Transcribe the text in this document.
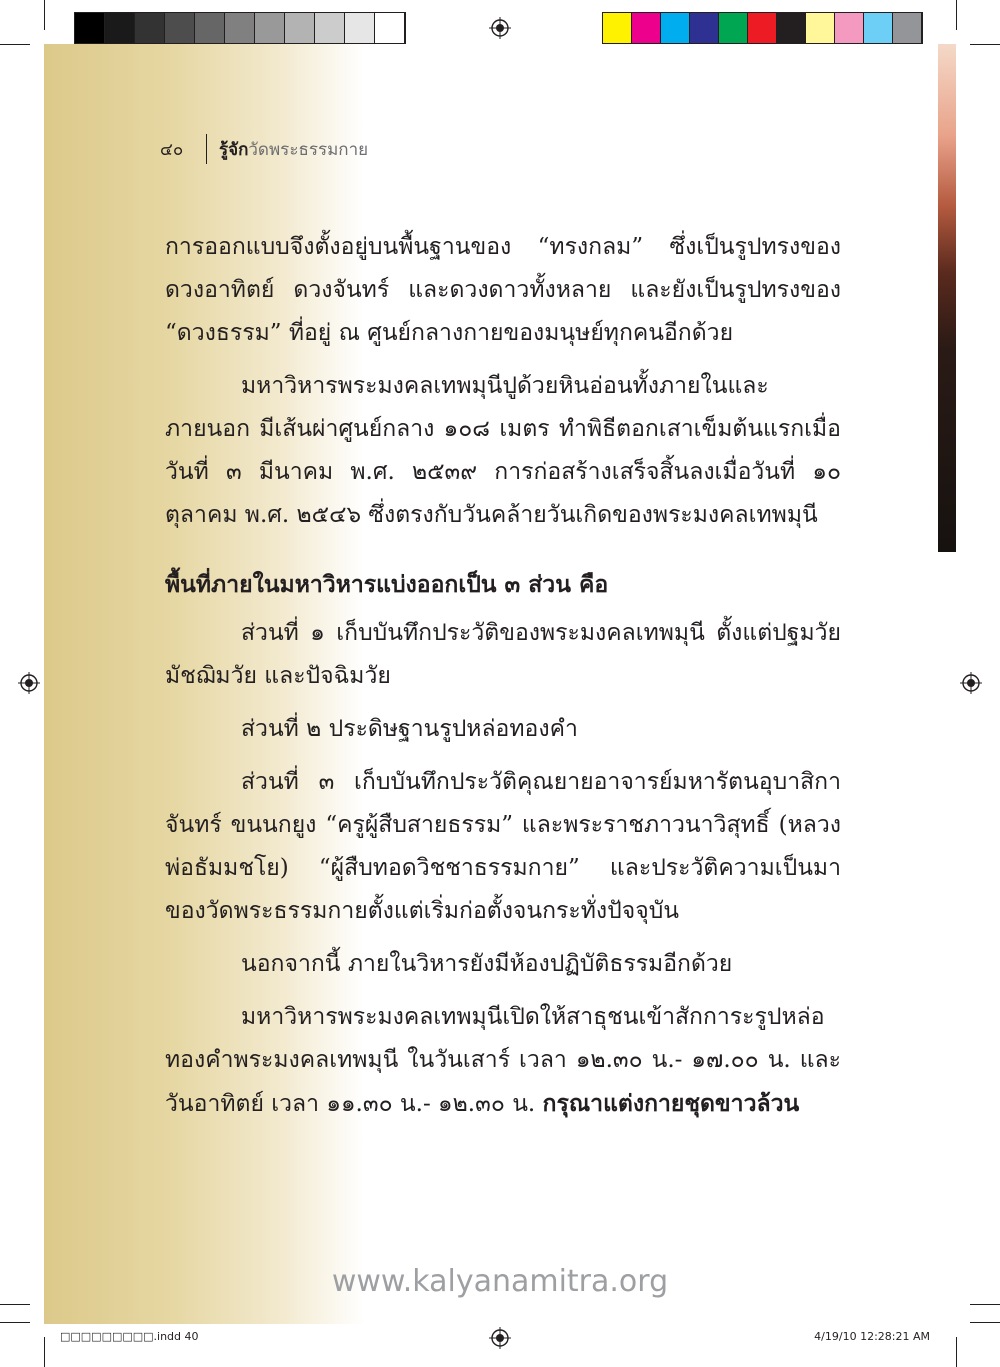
๔๐	รู้จัก วัดพระธรรมกาย

การออกแบบจึงตั้งอยู่บนพื้นฐานของ “ทรงกลม” ซึ่งเป็นรูปทรงของดวงอาทิตย์ ดวงจันทร์ และดวงดาวทั้งหลาย และยังเป็นรูปทรงของ “ดวงธรรม” ที่อยู่ ณ ศูนย์กลางกายของมนุษย์ทุกคนอีกด้วย

มหาวิหารพระมงคลเทพมุนีปูด้วยหินอ่อนทั้งภายในและภายนอก มีเส้นผ่าศูนย์กลาง ๑๐๘ เมตร ทำพิธีตอกเสาเข็มต้นแรกเมื่อวันที่ ๓ มีนาคม พ.ศ. ๒๕๓๙ การก่อสร้างเสร็จสิ้นลงเมื่อวันที่ ๑๐ ตุลาคม พ.ศ. ๒๕๔๖ ซึ่งตรงกับวันคล้ายวันเกิดของพระมงคลเทพมุนี

พื้นที่ภายในมหาวิหารแบ่งออกเป็น ๓ ส่วน คือ

ส่วนที่ ๑ เก็บบันทึกประวัติของพระมงคลเทพมุนี ตั้งแต่ปฐมวัย มัชฌิมวัย และปัจฉิมวัย

ส่วนที่ ๒ ประดิษฐานรูปหล่อทองคำ

ส่วนที่ ๓ เก็บบันทึกประวัติคุณยายอาจารย์มหารัตนอุบาสิกาจันทร์ ขนนกยูง “ครูผู้สืบสายธรรม” และพระราชภาวนาวิสุทธิ์ (หลวงพ่อธัมมชโย) “ผู้สืบทอดวิชชาธรรมกาย” และประวัติความเป็นมาของวัดพระธรรมกายตั้งแต่เริ่มก่อตั้งจนกระทั่งปัจจุบัน

นอกจากนี้ ภายในวิหารยังมีห้องปฏิบัติธรรมอีกด้วย

มหาวิหารพระมงคลเทพมุนีเปิดให้สาธุชนเข้าสักการะรูปหล่อทองคำพระมงคลเทพมุนี ในวันเสาร์ เวลา ๑๒.๓๐ น.- ๑๗.๐๐ น. และวันอาทิตย์ เวลา ๑๑.๓๐ น.- ๑๒.๓๐ น. กรุณาแต่งกายชุดขาวล้วน

www.kalyanamitra.org
□□□□□□□□□.indd 40	4/19/10 12:28:21 AM
